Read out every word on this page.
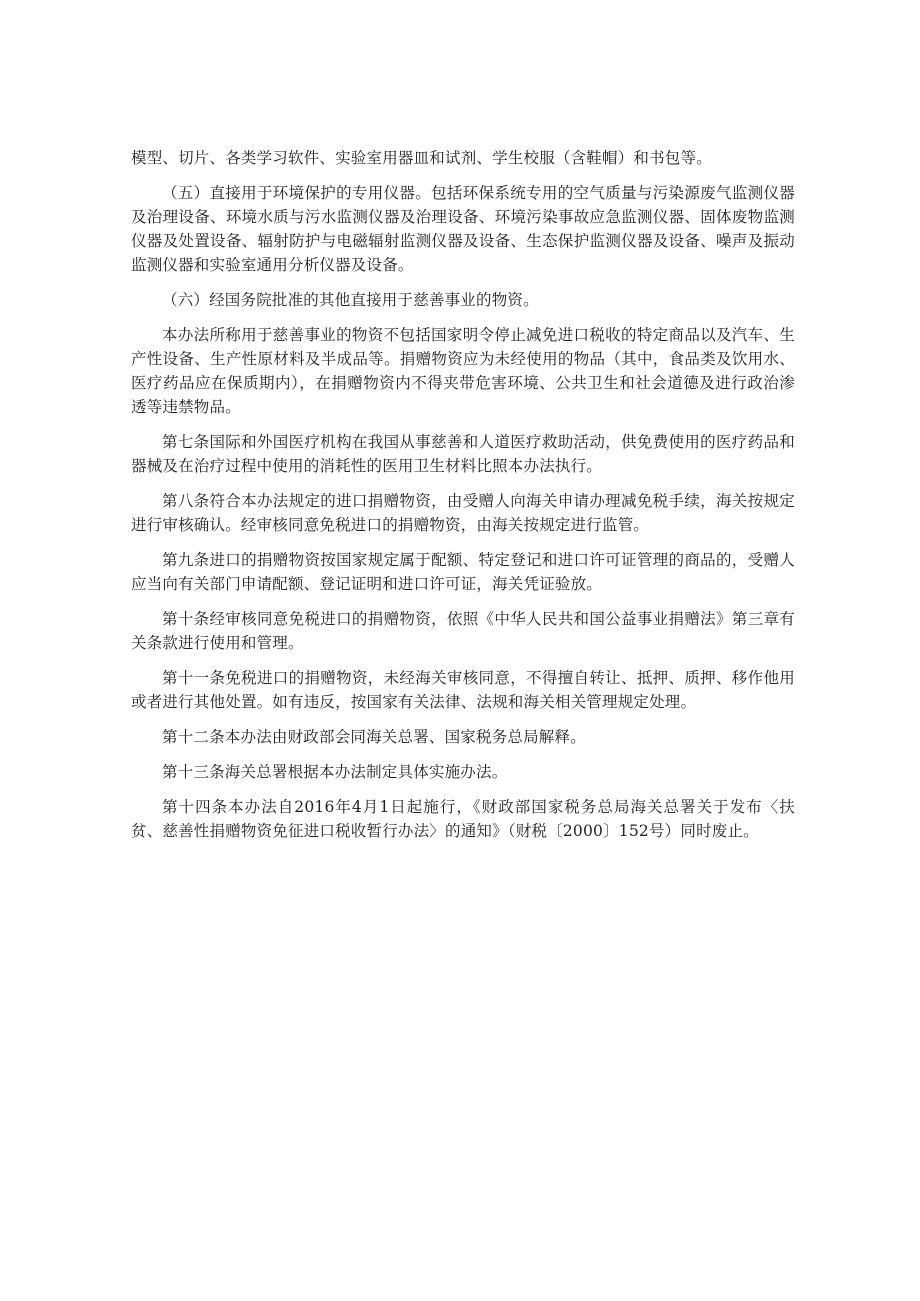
模型、切片、各类学习软件、实验室用器皿和试剂、学生校服（含鞋帽）和书包等。

（五）直接用于环境保护的专用仪器。包括环保系统专用的空气质量与污染源废气监测仪器及治理设备、环境水质与污水监测仪器及治理设备、环境污染事故应急监测仪器、固体废物监测仪器及处置设备、辐射防护与电磁辐射监测仪器及设备、生态保护监测仪器及设备、噪声及振动监测仪器和实验室通用分析仪器及设备。

（六）经国务院批准的其他直接用于慈善事业的物资。

本办法所称用于慈善事业的物资不包括国家明令停止减免进口税收的特定商品以及汽车、生产性设备、生产性原材料及半成品等。捐赠物资应为未经使用的物品（其中，食品类及饮用水、医疗药品应在保质期内），在捐赠物资内不得夹带危害环境、公共卫生和社会道德及进行政治渗透等违禁物品。

第七条国际和外国医疗机构在我国从事慈善和人道医疗救助活动，供免费使用的医疗药品和器械及在治疗过程中使用的消耗性的医用卫生材料比照本办法执行。

第八条符合本办法规定的进口捐赠物资，由受赠人向海关申请办理减免税手续，海关按规定进行审核确认。经审核同意免税进口的捐赠物资，由海关按规定进行监管。

第九条进口的捐赠物资按国家规定属于配额、特定登记和进口许可证管理的商品的，受赠人应当向有关部门申请配额、登记证明和进口许可证，海关凭证验放。

第十条经审核同意免税进口的捐赠物资，依照《中华人民共和国公益事业捐赠法》第三章有关条款进行使用和管理。

第十一条免税进口的捐赠物资，未经海关审核同意，不得擅自转让、抵押、质押、移作他用或者进行其他处置。如有违反，按国家有关法律、法规和海关相关管理规定处理。

第十二条本办法由财政部会同海关总署、国家税务总局解释。

第十三条海关总署根据本办法制定具体实施办法。

第十四条本办法自2016年4月1日起施行，《财政部国家税务总局海关总署关于发布〈扶贫、慈善性捐赠物资免征进口税收暂行办法〉的通知》（财税〔2000〕152号）同时废止。
